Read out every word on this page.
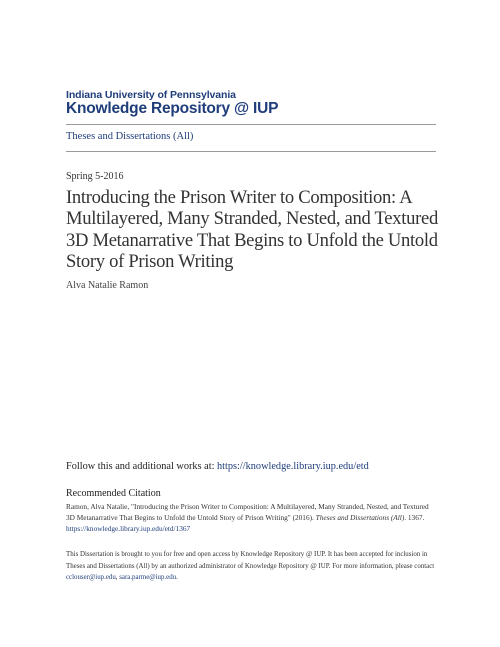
Indiana University of Pennsylvania
Knowledge Repository @ IUP
Theses and Dissertations (All)
Spring 5-2016
Introducing the Prison Writer to Composition: A Multilayered, Many Stranded, Nested, and Textured 3D Metanarrative That Begins to Unfold the Untold Story of Prison Writing
Alva Natalie Ramon
Follow this and additional works at: https://knowledge.library.iup.edu/etd
Recommended Citation
Ramon, Alva Natalie, "Introducing the Prison Writer to Composition: A Multilayered, Many Stranded, Nested, and Textured 3D Metanarrative That Begins to Unfold the Untold Story of Prison Writing" (2016). Theses and Dissertations (All). 1367.
https://knowledge.library.iup.edu/etd/1367
This Dissertation is brought to you for free and open access by Knowledge Repository @ IUP. It has been accepted for inclusion in Theses and Dissertations (All) by an authorized administrator of Knowledge Repository @ IUP. For more information, please contact cclouser@iup.edu, sara.parme@iup.edu.
